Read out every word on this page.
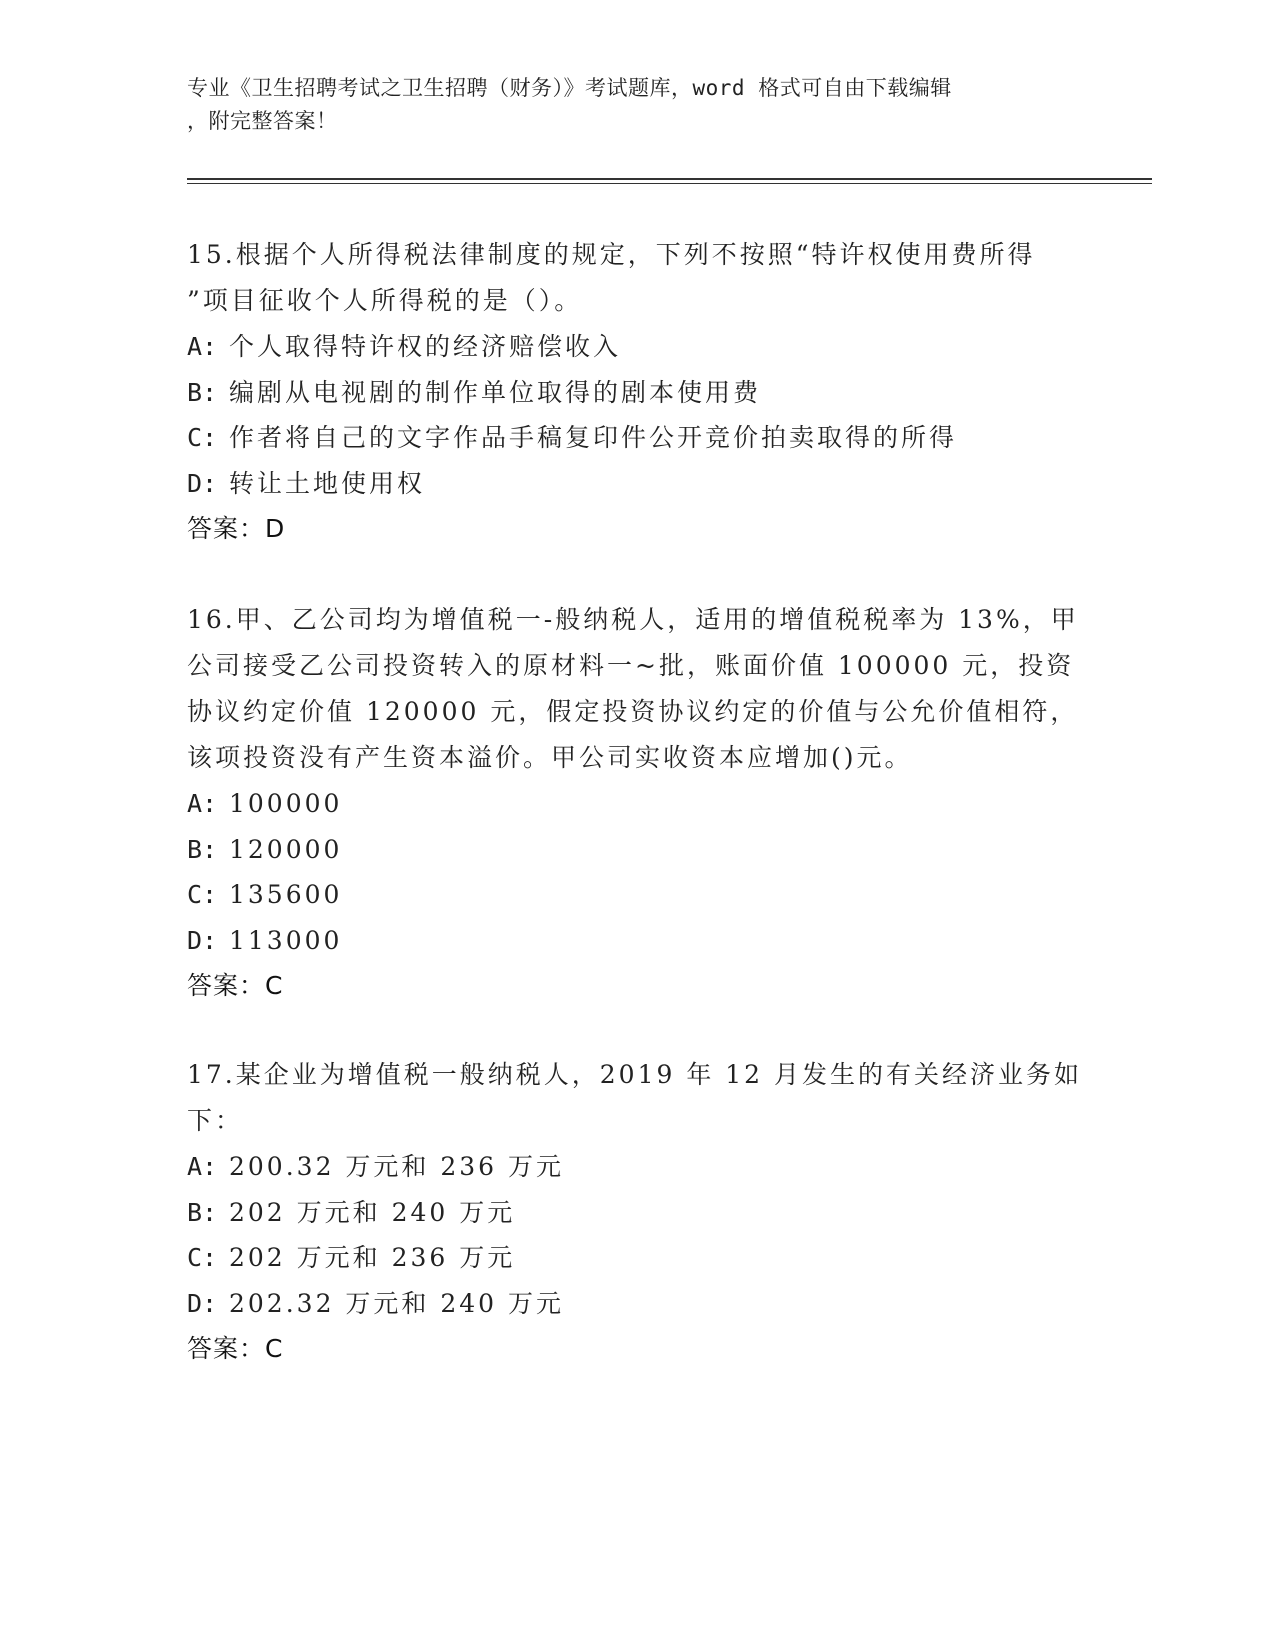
专业《卫生招聘考试之卫生招聘（财务）》考试题库，word 格式可自由下载编辑
，附完整答案！
15.根据个人所得税法律制度的规定，下列不按照“特许权使用费所得
”项目征收个人所得税的是（）。
A: 个人取得特许权的经济赔偿收入
B: 编剧从电视剧的制作单位取得的剧本使用费
C: 作者将自己的文字作品手稿复印件公开竞价拍卖取得的所得
D: 转让土地使用权
答案：D
16.甲、乙公司均为增值税一-般纳税人，适用的增值税税率为 13%，甲
公司接受乙公司投资转入的原材料一~批，账面价值 100000 元，投资
协议约定价值 120000 元，假定投资协议约定的价值与公允价值相符，
该项投资没有产生资本溢价。甲公司实收资本应增加()元。
A: 100000
B: 120000
C: 135600
D: 113000
答案：C
17.某企业为增值税一般纳税人，2019 年 12 月发生的有关经济业务如
下：
A: 200.32 万元和 236 万元
B: 202 万元和 240 万元
C: 202 万元和 236 万元
D: 202.32 万元和 240 万元
答案：C
